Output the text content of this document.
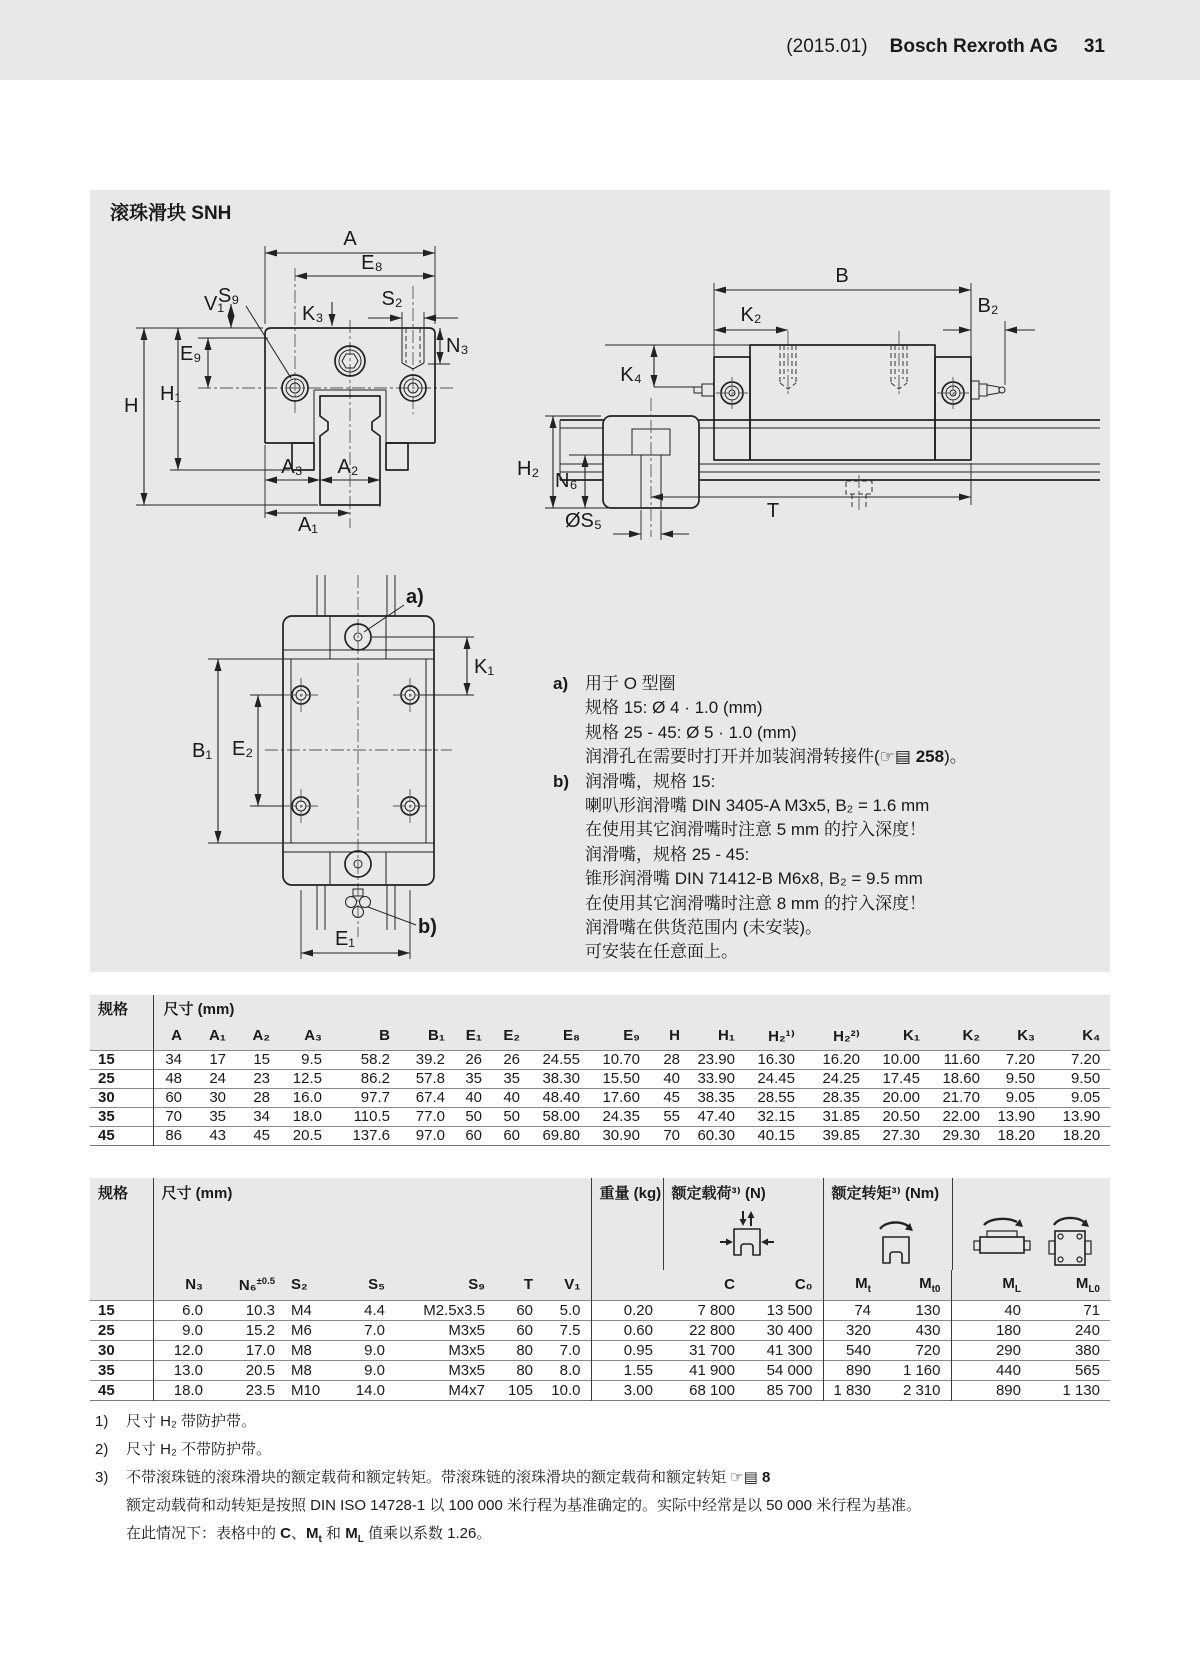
(2015.01) Bosch Rexroth AG 31
滚珠滑块 SNH
A
E₈
S₉	S₂
K₃
V₁
N₃
E₉
H
H₁
A₃ A₂
A₁
B
K₂	B₂
K₄
H₂
N₆
ØS₅	T
a)
K₁
B₁ E₂
b)
E₁
a) 用于 O 型圈
规格 15: Ø 4 · 1.0 (mm)
规格 25 - 45: Ø 5 · 1.0 (mm)
润滑孔在需要时打开并加装润滑转接件(☞▤ 258)。
b) 润滑嘴，规格 15:
喇叭形润滑嘴 DIN 3405-A M3x5, B₂ = 1.6 mm
在使用其它润滑嘴时注意 5 mm 的拧入深度！
润滑嘴，规格 25 - 45:
锥形润滑嘴 DIN 71412-B M6x8, B₂ = 9.5 mm
在使用其它润滑嘴时注意 8 mm 的拧入深度！
润滑嘴在供货范围内 (未安装)。
可安装在任意面上。
规格	尺寸 (mm)																	
	A	A₁	A₂	A₃	B	B₁	E₁	E₂	E₈	E₉	H	H₁	H₂¹⁾	H₂²⁾	K₁	K₂	K₃	K₄
15	34	17	15	9.5	58.2	39.2	26	26	24.55	10.70	28	23.90	16.30	16.20	10.00	11.60	7.20	7.20
25	48	24	23	12.5	86.2	57.8	35	35	38.30	15.50	40	33.90	24.45	24.25	17.45	18.60	9.50	9.50
30	60	30	28	16.0	97.7	67.4	40	40	48.40	17.60	45	38.35	28.55	28.35	20.00	21.70	9.05	9.05
35	70	35	34	18.0	110.5	77.0	50	50	58.00	24.35	55	47.40	32.15	31.85	20.50	22.00	13.90	13.90
45	86	43	45	20.5	137.6	97.0	60	60	69.80	30.90	70	60.30	40.15	39.85	27.30	29.30	18.20	18.20
规格	尺寸 (mm)							重量 (kg)	额定载荷³⁾ (N)		额定转矩³⁾ (Nm)			

	N₃	N₆$^{\pm 0.5}$	S₂	S₅	S₉	T	V₁		C	C₀	$M_t$	$M_{t0}$	$M_L$	$M_{L0}$
15	6.0	10.3	M4	4.4	M2.5x3.5	60	5.0	0.20	7 800	13 500	74	130	40	71
25	9.0	15.2	M6	7.0	M3x5	60	7.5	0.60	22 800	30 400	320	430	180	240
30	12.0	17.0	M8	9.0	M3x5	80	7.0	0.95	31 700	41 300	540	720	290	380
35	13.0	20.5	M8	9.0	M3x5	80	8.0	1.55	41 900	54 000	890	1 160	440	565
45	18.0	23.5	M10	14.0	M4x7	105	10.0	3.00	68 100	85 700	1 830	2 310	890	1 130
1)	尺寸 H₂ 带防护带。
2)	尺寸 H₂ 不带防护带。
3)	不带滚珠链的滚珠滑块的额定载荷和额定转矩。带滚珠链的滚珠滑块的额定载荷和额定转矩 ☞▤ 8
额定动载荷和动转矩是按照 DIN ISO 14728-1 以 100 000 米行程为基准确定的。实际中经常是以 50 000 米行程为基准。
在此情况下：表格中的 C、$M_t$ 和 $M_L$ 值乘以系数 1.26。
